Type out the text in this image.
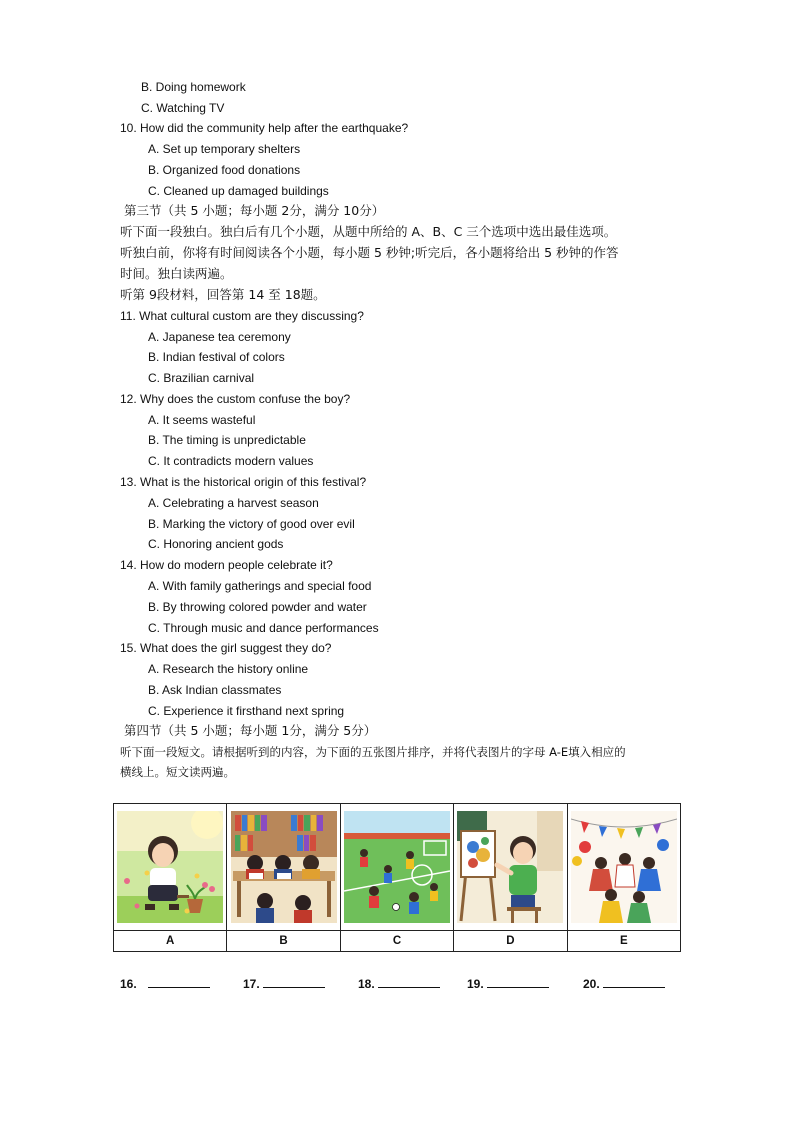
B. Doing homework
C. Watching TV
10. How did the community help after the earthquake?
A. Set up temporary shelters
B. Organized food donations
C. Cleaned up damaged buildings
第三节（共 5 小题；每小题 2分，满分 10分）
听下面一段独白。独白后有几个小题，从题中所给的 A、B、C 三个选项中选出最佳选项。
听独白前，你将有时间阅读各个小题，每小题 5 秒钟;听完后，各小题将给出 5 秒钟的作答
时间。独白读两遍。
听第 9段材料，回答第 14 至 18题。
11. What cultural custom are they discussing?
A. Japanese tea ceremony
B. Indian festival of colors
C. Brazilian carnival
12. Why does the custom confuse the boy?
A. It seems wasteful
B. The timing is unpredictable
C. It contradicts modern values
13. What is the historical origin of this festival?
A. Celebrating a harvest season
B. Marking the victory of good over evil
C. Honoring ancient gods
14. How do modern people celebrate it?
A. With family gatherings and special food
B. By throwing colored powder and water
C. Through music and dance performances
15. What does the girl suggest they do?
A. Research the history online
B. Ask Indian classmates
C. Experience it firsthand next spring
第四节（共 5 小题；每小题 1分，满分 5分）
听下面一段短文。请根据听到的内容，为下面的五张图片排序，并将代表图片的字母 A-E填入相应的
横线上。短文读两遍。

A	B	C	D	E
16.	17.	18.	19.	20.
